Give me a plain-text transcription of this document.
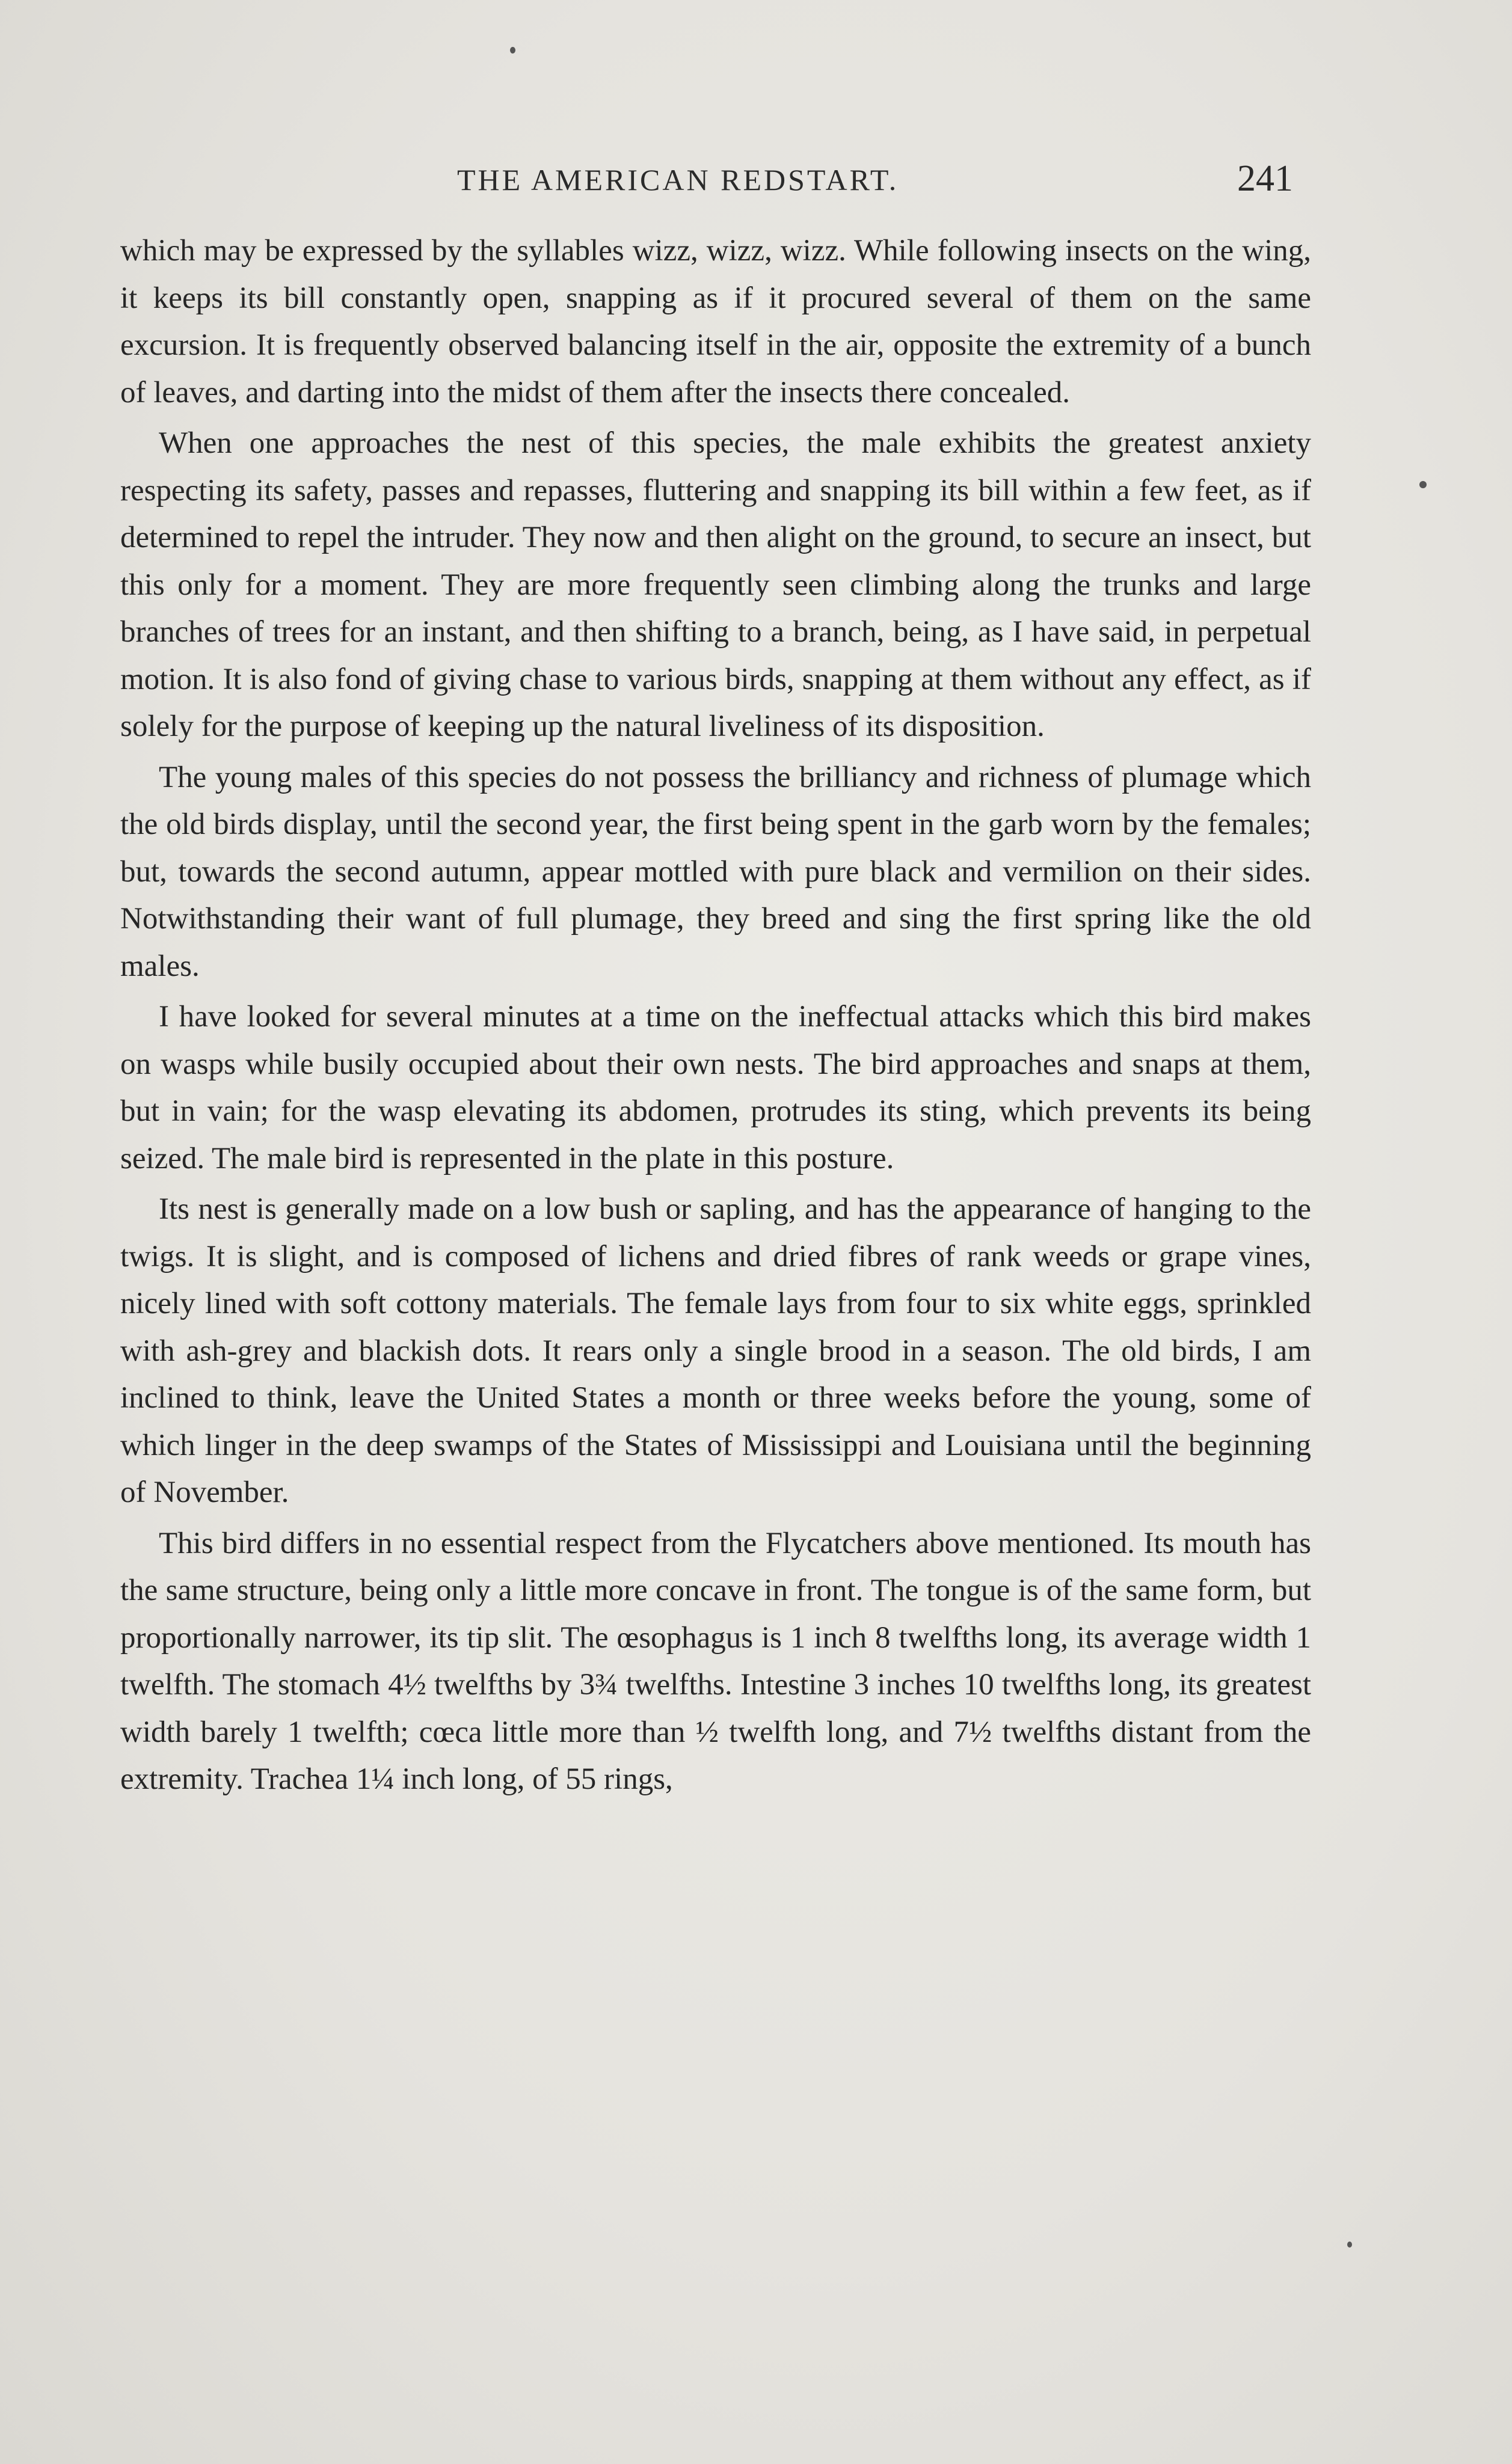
THE AMERICAN REDSTART.	241

which may be expressed by the syllables wizz, wizz, wizz. While following insects on the wing, it keeps its bill constantly open, snapping as if it procured several of them on the same excursion. It is frequently observed balancing itself in the air, opposite the extremity of a bunch of leaves, and darting into the midst of them after the insects there concealed.

When one approaches the nest of this species, the male exhibits the greatest anxiety respecting its safety, passes and repasses, fluttering and snapping its bill within a few feet, as if determined to repel the intruder. They now and then alight on the ground, to secure an insect, but this only for a moment. They are more frequently seen climbing along the trunks and large branches of trees for an instant, and then shifting to a branch, being, as I have said, in perpetual motion. It is also fond of giving chase to various birds, snapping at them without any effect, as if solely for the purpose of keeping up the natural liveliness of its disposition.

The young males of this species do not possess the brilliancy and richness of plumage which the old birds display, until the second year, the first being spent in the garb worn by the females; but, towards the second autumn, appear mottled with pure black and vermilion on their sides. Notwithstanding their want of full plumage, they breed and sing the first spring like the old males.

I have looked for several minutes at a time on the ineffectual attacks which this bird makes on wasps while busily occupied about their own nests. The bird approaches and snaps at them, but in vain; for the wasp elevating its abdomen, protrudes its sting, which prevents its being seized. The male bird is represented in the plate in this posture.

Its nest is generally made on a low bush or sapling, and has the appearance of hanging to the twigs. It is slight, and is composed of lichens and dried fibres of rank weeds or grape vines, nicely lined with soft cottony materials. The female lays from four to six white eggs, sprinkled with ash-grey and blackish dots. It rears only a single brood in a season. The old birds, I am inclined to think, leave the United States a month or three weeks before the young, some of which linger in the deep swamps of the States of Mississippi and Louisiana until the beginning of November.

This bird differs in no essential respect from the Flycatchers above mentioned. Its mouth has the same structure, being only a little more concave in front. The tongue is of the same form, but proportionally narrower, its tip slit. The œsophagus is 1 inch 8 twelfths long, its average width 1 twelfth. The stomach 4½ twelfths by 3¾ twelfths. Intestine 3 inches 10 twelfths long, its greatest width barely 1 twelfth; cœca little more than ½ twelfth long, and 7½ twelfths distant from the extremity. Trachea 1¼ inch long, of 55 rings,
